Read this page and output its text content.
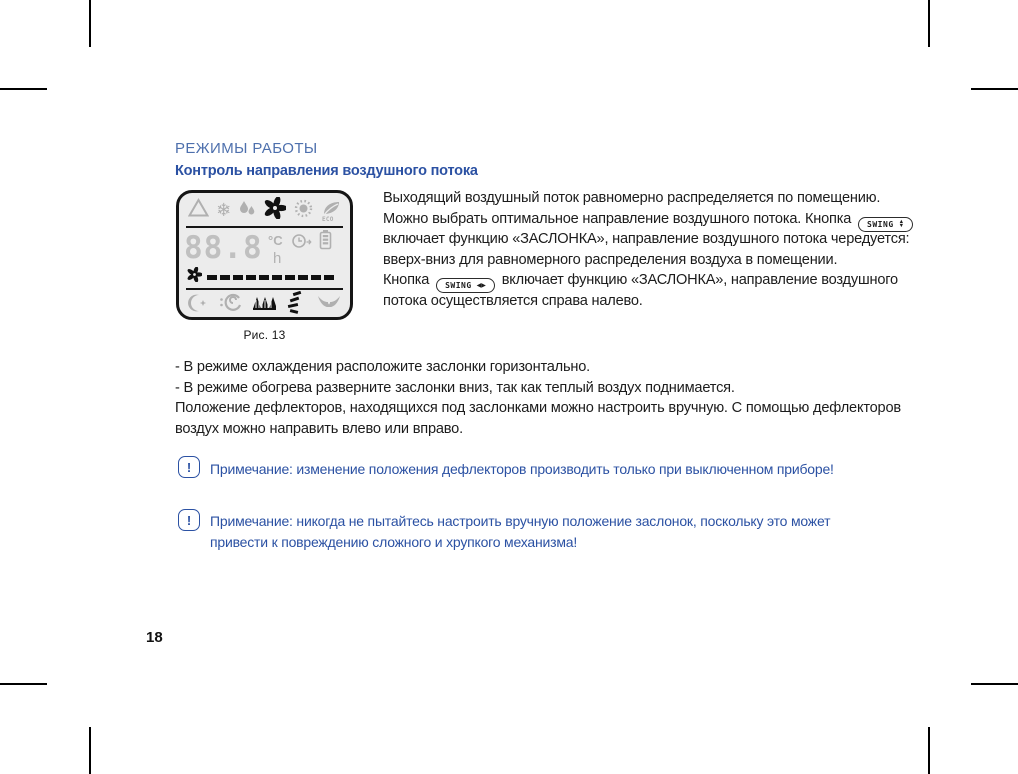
РЕЖИМЫ РАБОТЫ
Контроль направления воздушного потока
❄	ECO
88.8 °C
h
Рис. 13
Выходящий воздушный поток равномерно распределяется по помещению.
Можно выбрать оптимальное направление воздушного потока. Кнопка SWING ▲
▼
включает функцию «ЗАСЛОНКА», направление воздушного потока чередуется:
вверх-вниз для равномерного распределения воздуха в помещении.
Кнопка SWING ◀▶ включает функцию «ЗАСЛОНКА», направление воздушного
потока осуществляется справа налево.
- В режиме охлаждения расположите заслонки горизонтально.
- В режиме обогрева разверните заслонки вниз, так как теплый воздух поднимается.
Положение дефлекторов, находящихся под заслонками можно настроить вручную. С помощью дефлекторов
воздух можно направить влево или вправо.
! Примечание: изменение положения дефлекторов производить только при выключенном приборе!
! Примечание: никогда не пытайтесь настроить вручную положение заслонок, поскольку это может
привести к повреждению сложного и хрупкого механизма!
18
